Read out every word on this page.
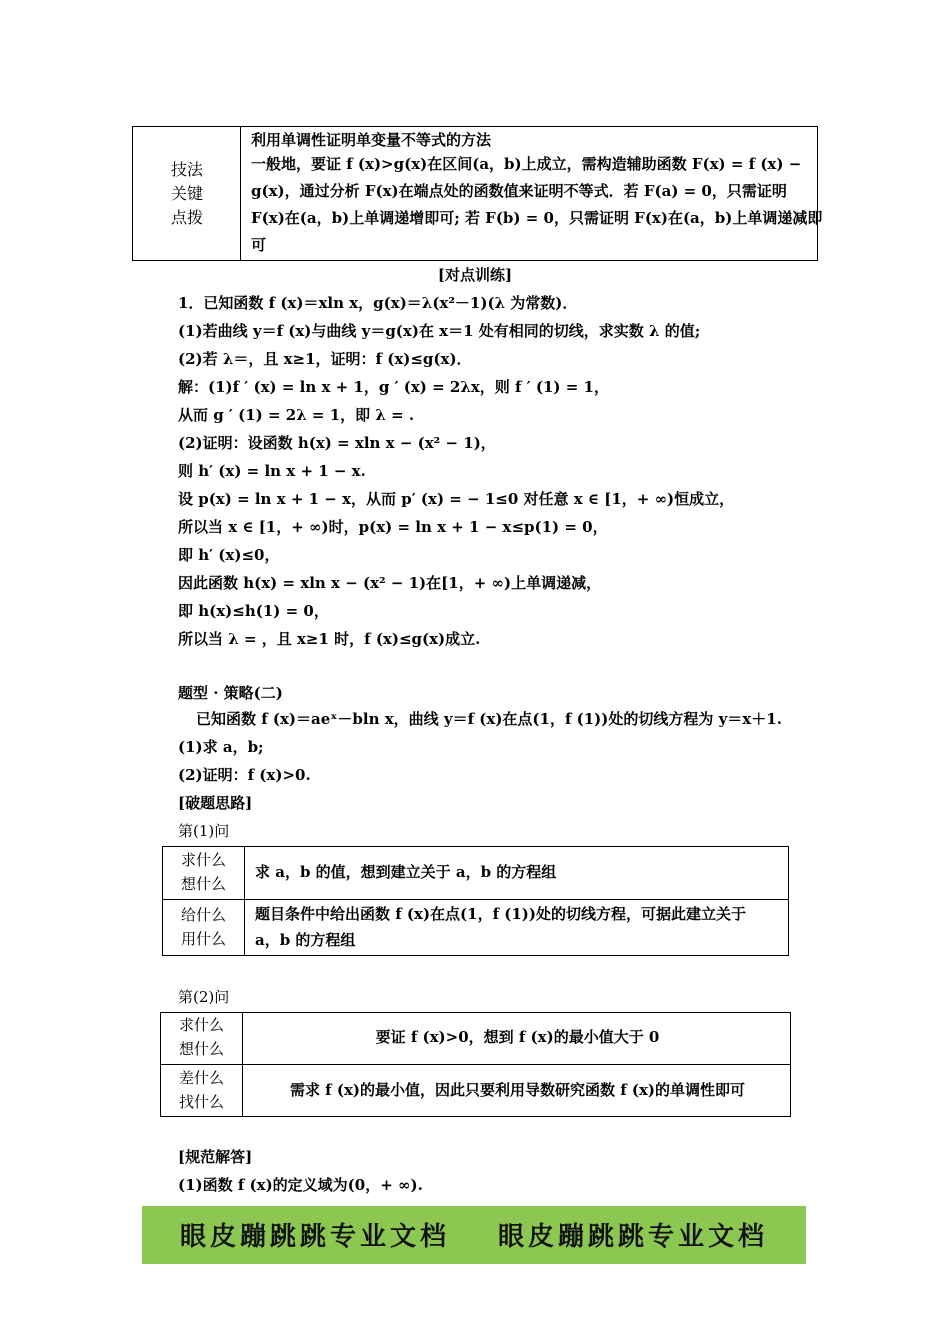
技法
关键
点拨
利用单调性证明单变量不等式的方法
一般地，要证 f (x)>g(x)在区间(a，b)上成立，需构造辅助函数 F(x) = f (x) −
g(x)，通过分析 F(x)在端点处的函数值来证明不等式．若 F(a) = 0，只需证明
F(x)在(a，b)上单调递增即可; 若 F(b) = 0，只需证明 F(x)在(a，b)上单调递减即
可
[对点训练]
1．已知函数 f (x)＝xln x，g(x)＝λ(x²－1)(λ 为常数)．
(1)若曲线 y＝f (x)与曲线 y＝g(x)在 x＝1 处有相同的切线，求实数 λ 的值;
(2)若 λ＝，且 x≥1，证明：f (x)≤g(x)．
解：(1)f ′ (x) = ln x + 1，g ′ (x) = 2λx，则 f ′ (1) = 1，
从而 g ′ (1) = 2λ = 1，即 λ = .
(2)证明：设函数 h(x) = xln x − (x² − 1)，
则 h′ (x) = ln x + 1 − x.
设 p(x) = ln x + 1 − x，从而 p′ (x) = − 1≤0 对任意 x ∈ [1，+ ∞)恒成立，
所以当 x ∈ [1，+ ∞)时，p(x) = ln x + 1 − x≤p(1) = 0，
即 h′ (x)≤0，
因此函数 h(x) = xln x − (x² − 1)在[1，+ ∞)上单调递减，
即 h(x)≤h(1) = 0，
所以当 λ = ，且 x≥1 时，f (x)≤g(x)成立.
题型 · 策略(二)
已知函数 f (x)＝aeˣ－bln x，曲线 y＝f (x)在点(1，f (1))处的切线方程为 y＝x＋1.
(1)求 a，b;
(2)证明：f (x)>0.
[破题思路]
第(1)问
求什么
想什么
求 a，b 的值，想到建立关于 a，b 的方程组
给什么
用什么
题目条件中给出函数 f (x)在点(1，f (1))处的切线方程，可据此建立关于
a，b 的方程组
第(2)问
求什么
想什么
要证 f (x)>0，想到 f (x)的最小值大于 0
差什么
找什么
需求 f (x)的最小值，因此只要利用导数研究函数 f (x)的单调性即可
[规范解答]
(1)函数 f (x)的定义域为(0，+ ∞).
眼皮蹦跳跳专业文档 眼皮蹦跳跳专业文档
